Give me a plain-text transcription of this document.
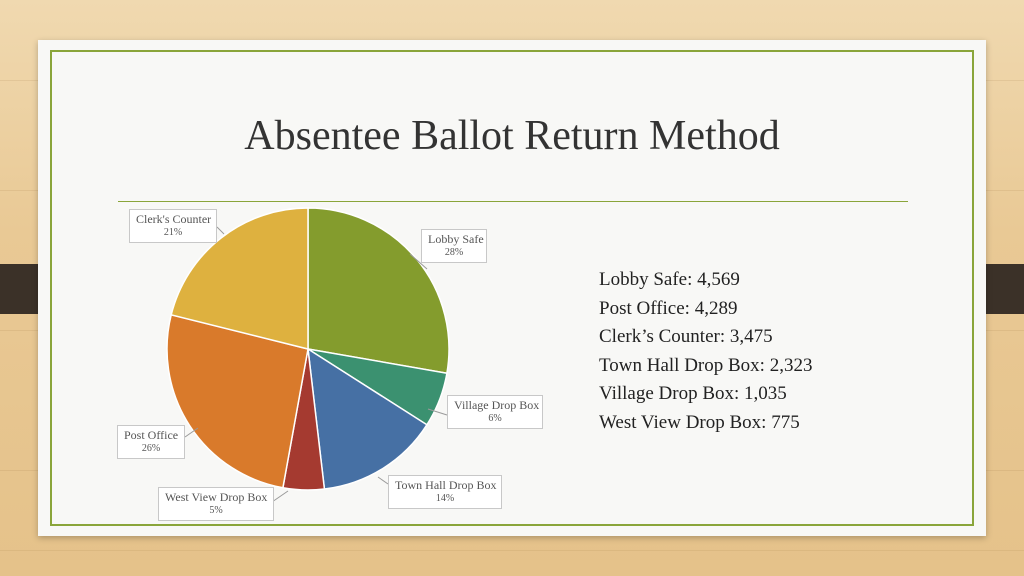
Absentee Ballot Return Method
Lobby Safe
28%
Village Drop Box
6%
Town Hall Drop Box
14%
West View Drop Box
5%
Post Office
26%
Clerk's Counter
21%
Lobby Safe: 4,569
Post Office: 4,289
Clerk’s Counter: 3,475
Town Hall Drop Box: 2,323
Village Drop Box: 1,035
West View Drop Box: 775
